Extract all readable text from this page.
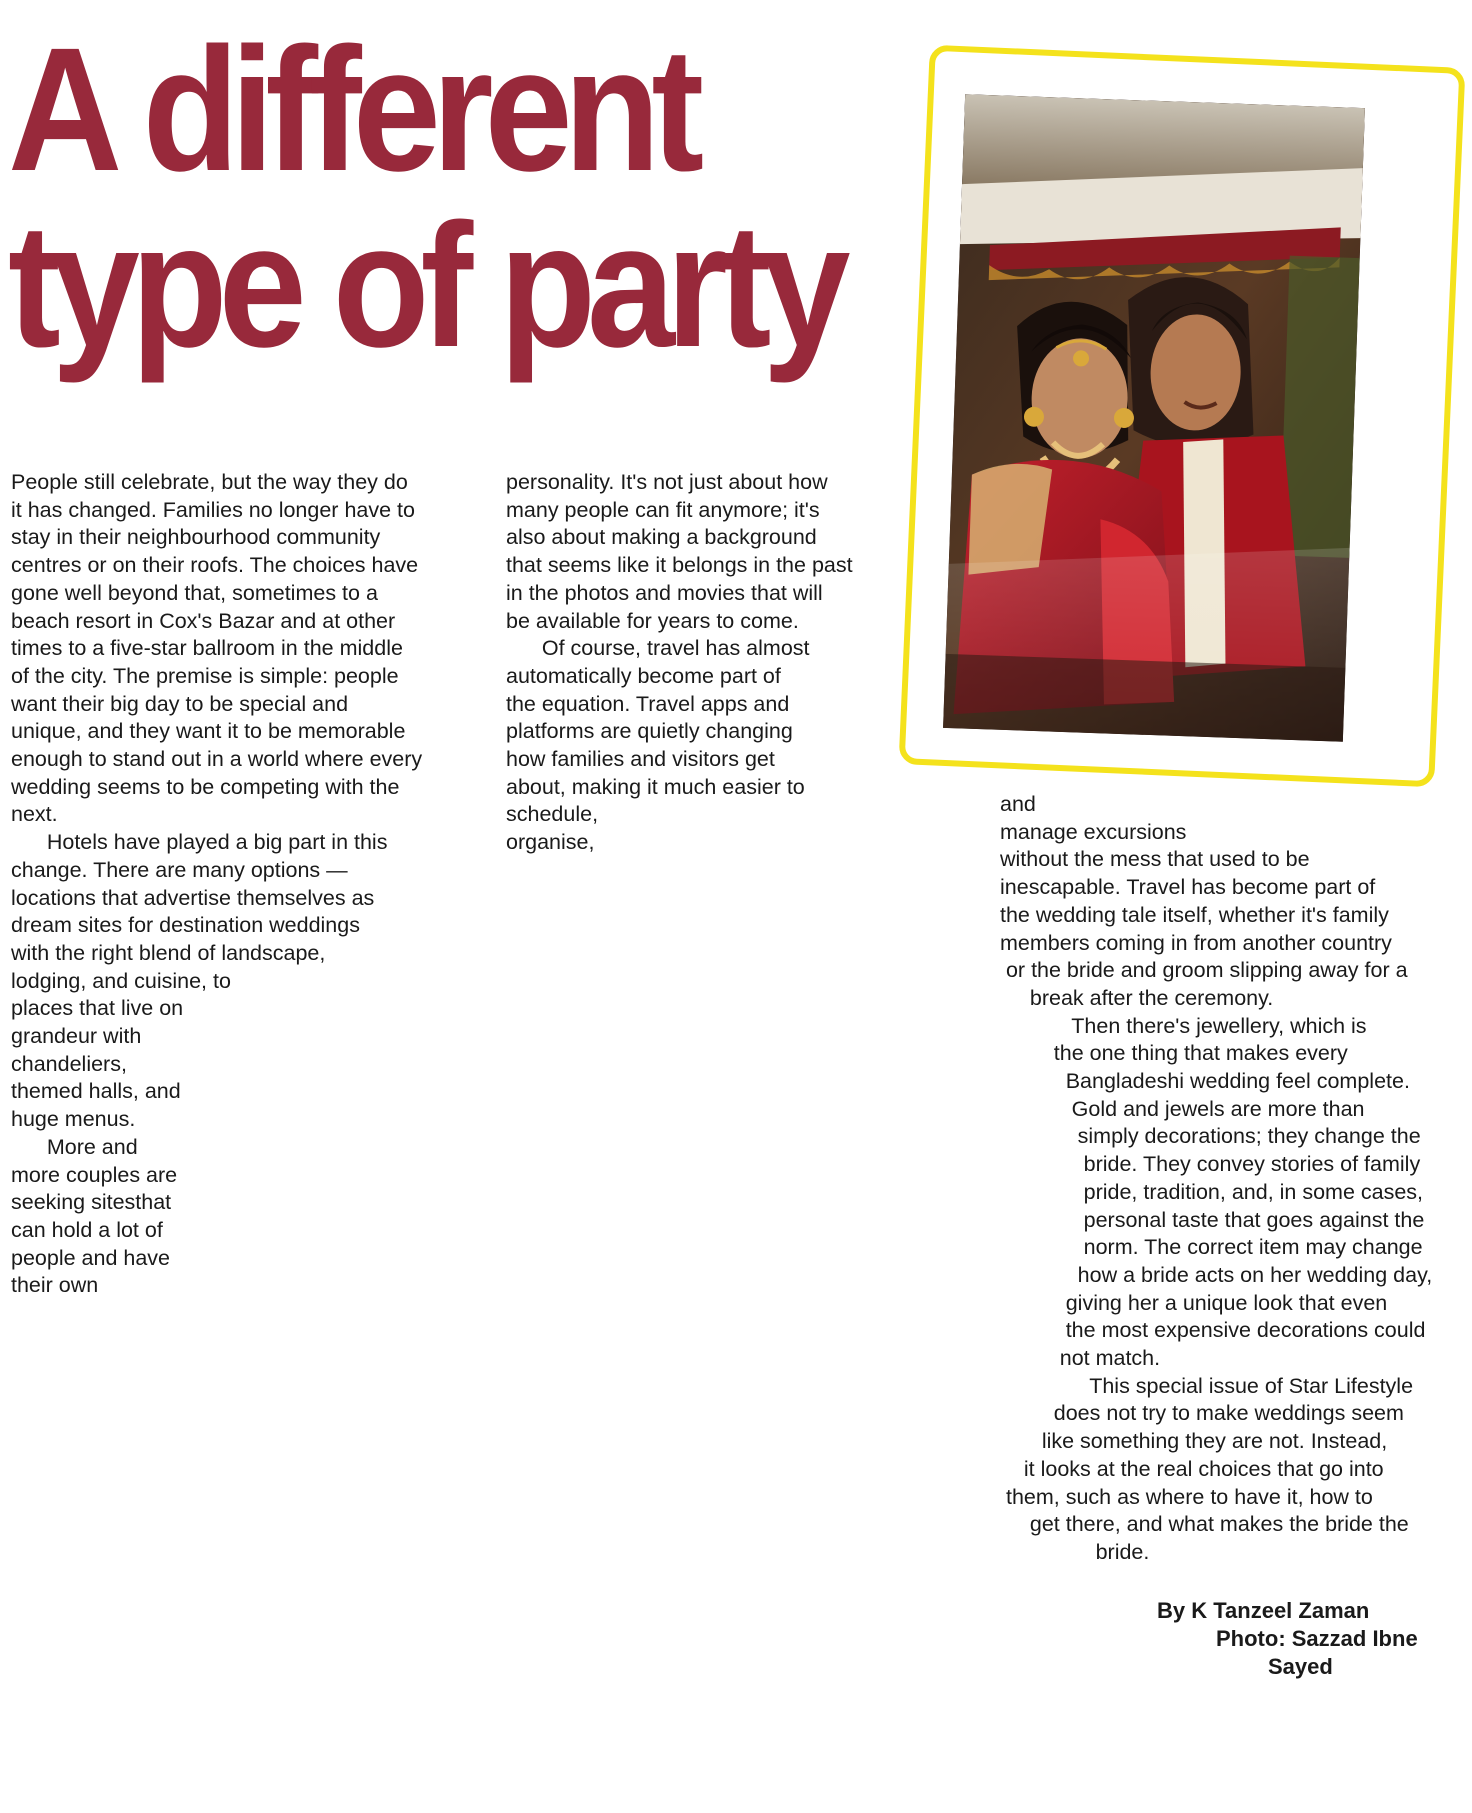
A different
type of party
People still celebrate, but the way they do
it has changed. Families no longer have to
stay in their neighbourhood community
centres or on their roofs. The choices have
gone well beyond that, sometimes to a
beach resort in Cox's Bazar and at other
times to a five-star ballroom in the middle
of the city. The premise is simple: people
want their big day to be special and
unique, and they want it to be memorable
enough to stand out in a world where every
wedding seems to be competing with the
next.
Hotels have played a big part in this
change. There are many options —
locations that advertise themselves as
dream sites for destination weddings
with the right blend of landscape,
lodging, and cuisine, to
places that live on
grandeur with
chandeliers,
themed halls, and
huge menus.
More and
more couples are
seeking sitesthat
can hold a lot of
people and have
their own
personality. It's not just about how
many people can fit anymore; it's
also about making a background
that seems like it belongs in the past
in the photos and movies that will
be available for years to come.
Of course, travel has almost
automatically become part of
the equation. Travel apps and
platforms are quietly changing
how families and visitors get
about, making it much easier to
schedule,
organise,
and
manage excursions
without the mess that used to be
inescapable. Travel has become part of
the wedding tale itself, whether it's family
members coming in from another country
or the bride and groom slipping away for a
break after the ceremony.
Then there's jewellery, which is
the one thing that makes every
Bangladeshi wedding feel complete.
Gold and jewels are more than
simply decorations; they change the
bride. They convey stories of family
pride, tradition, and, in some cases,
personal taste that goes against the
norm. The correct item may change
how a bride acts on her wedding day,
giving her a unique look that even
the most expensive decorations could
not match.
This special issue of Star Lifestyle
does not try to make weddings seem
like something they are not. Instead,
it looks at the real choices that go into
them, such as where to have it, how to
get there, and what makes the bride the
bride.
By K Tanzeel Zaman
Photo: Sazzad Ibne
Sayed
